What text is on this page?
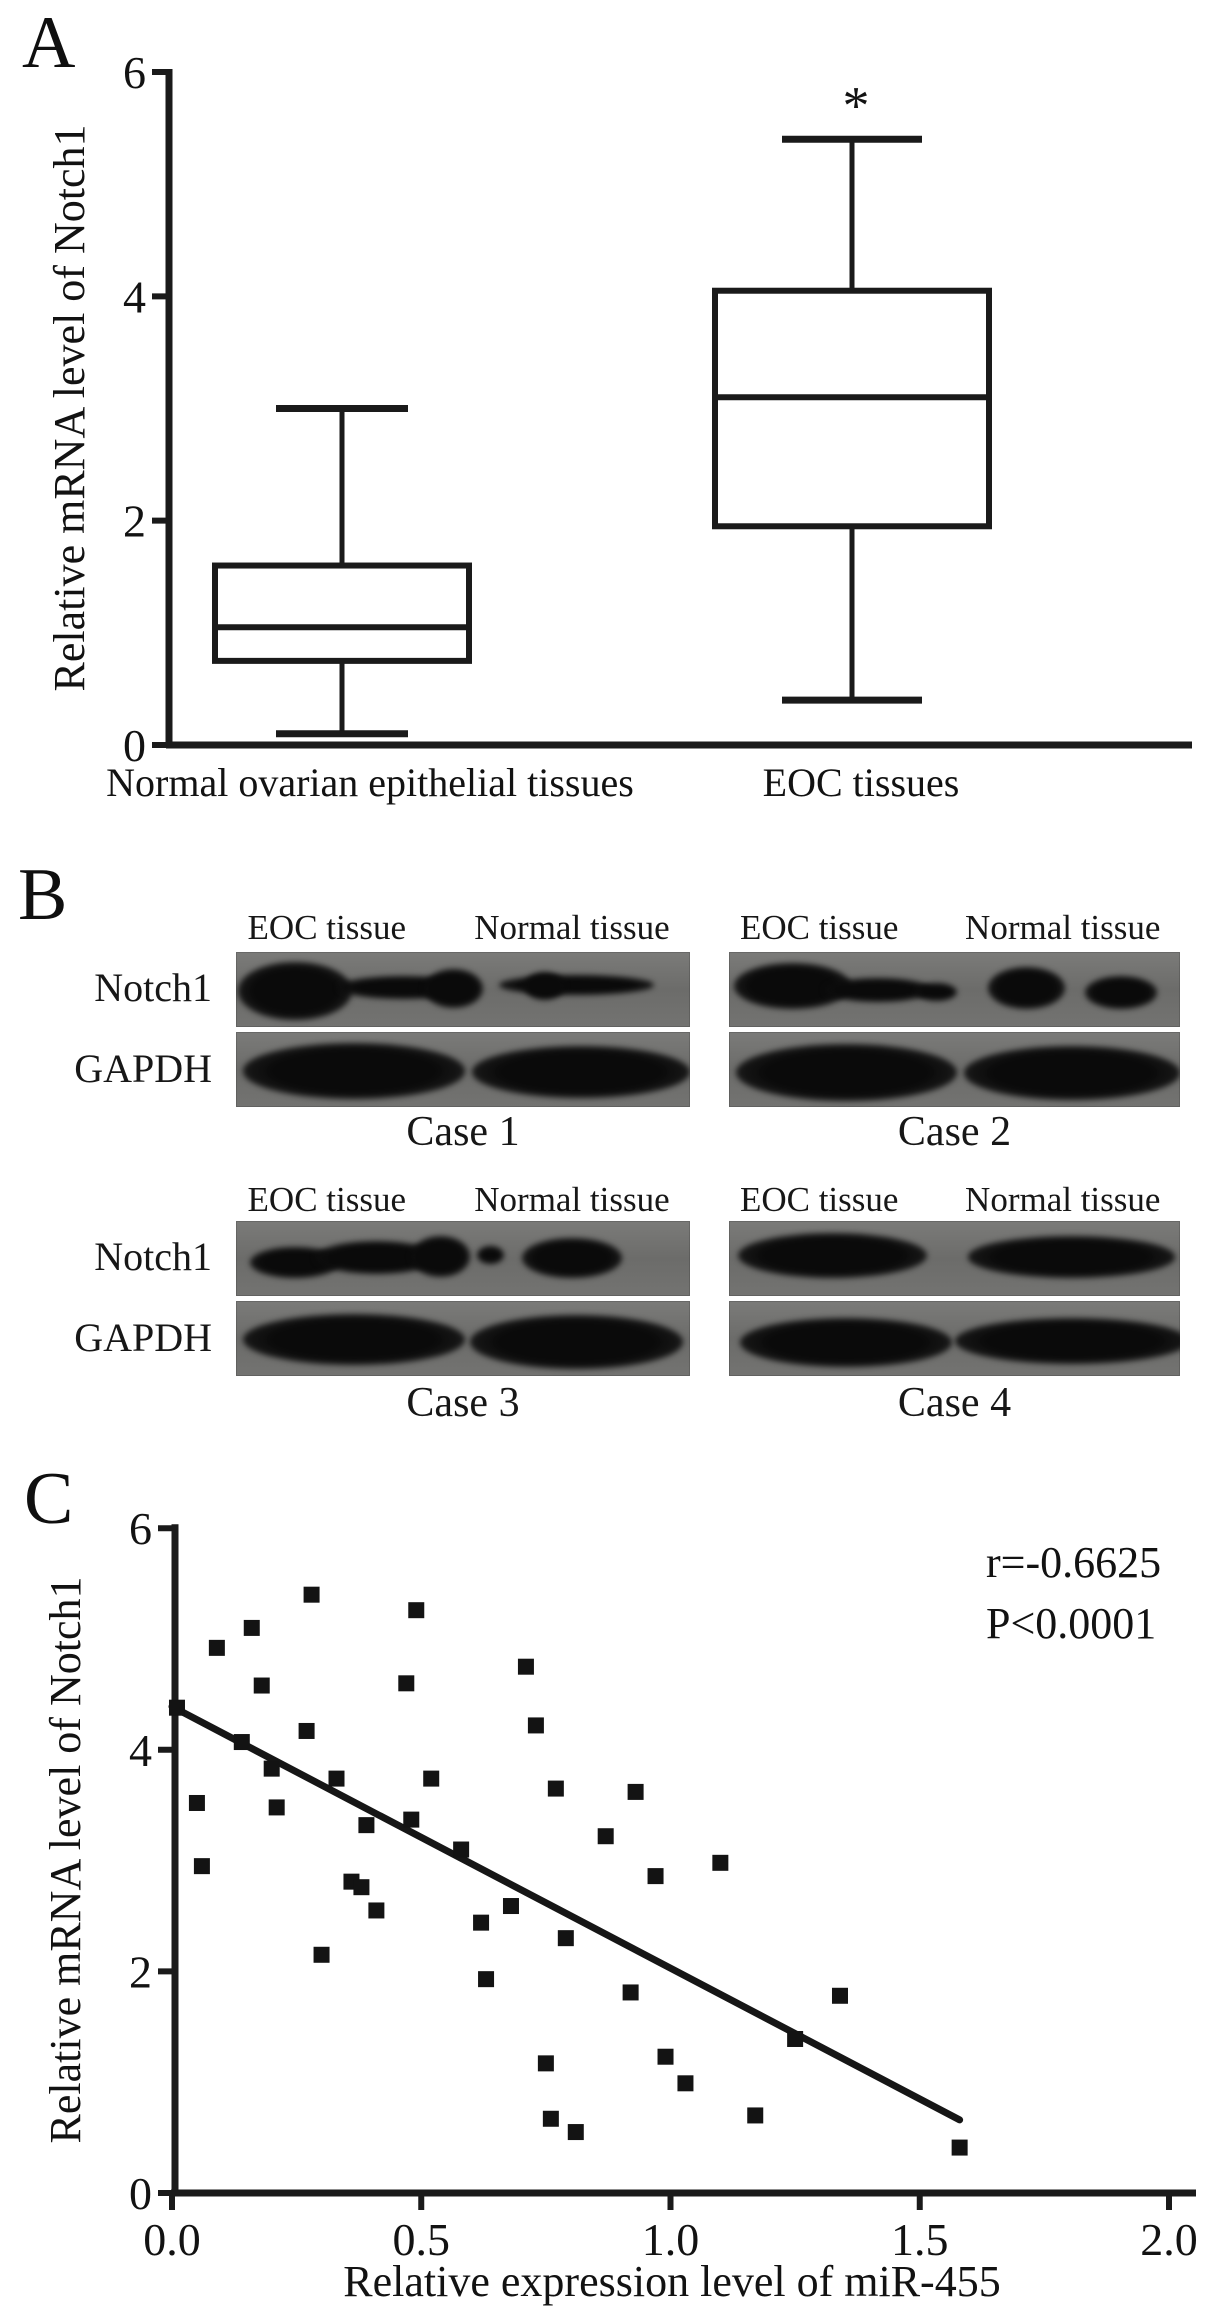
A
0
2
4
6
Normal ovarian epithelial tissues
*
EOC tissues
Relative mRNA level of Notch1
B
Notch1
GAPDH
Notch1
GAPDH
EOC tissue Normal tissue
Case 1
EOC tissue Normal tissue
Case 2
EOC tissue Normal tissue
Case 3
EOC tissue Normal tissue
Case 4
C
0
2
4
6
0.0	0.5	1.0	1.5	2.0
r=-0.6625
P<0.0001
Relative expression level of miR-455
Relative mRNA level of Notch1
